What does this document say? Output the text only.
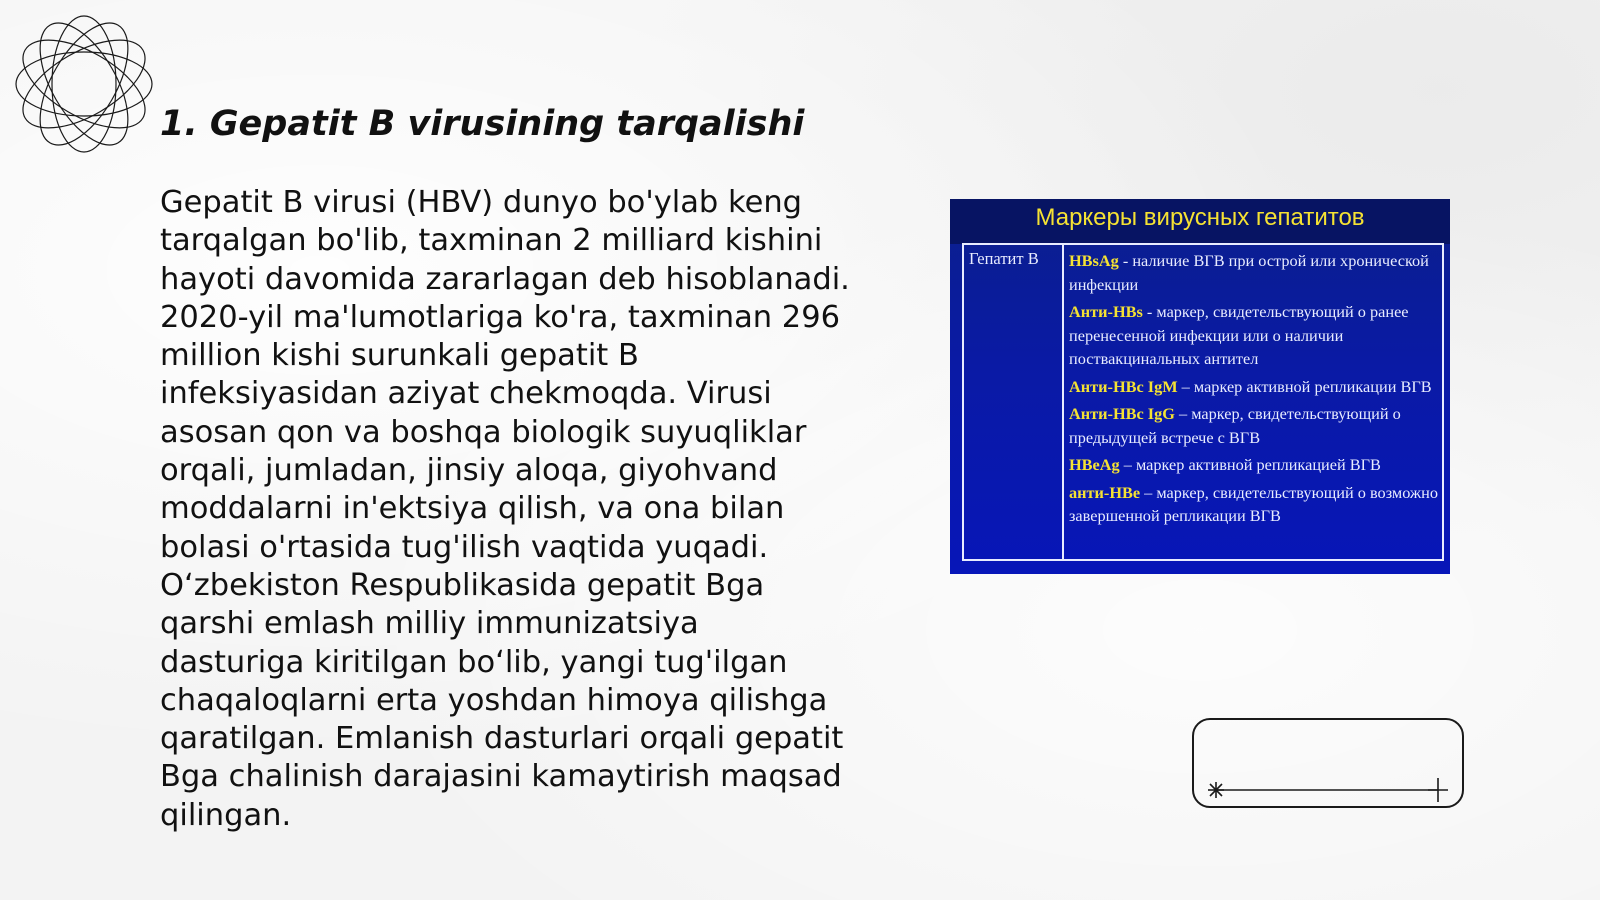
1. Gepatit B virusining tarqalishi

Gepatit B virusi (HBV) dunyo bo'ylab keng tarqalgan bo'lib, taxminan 2 milliard kishini hayoti davomida zararlagan deb hisoblanadi. 2020-yil ma'lumotlariga ko'ra, taxminan 296 million kishi surunkali gepatit B infeksiyasidan aziyat chekmoqda. Virusi asosan qon va boshqa biologik suyuqliklar orqali, jumladan, jinsiy aloqa, giyohvand moddalarni in'ektsiya qilish, va ona bilan bolasi o'rtasida tug'ilish vaqtida yuqadi. O‘zbekiston Respublikasida gepatit Bga qarshi emlash milliy immunizatsiya dasturiga kiritilgan bo‘lib, yangi tug'ilgan chaqaloqlarni erta yoshdan himoya qilishga qaratilgan. Emlanish dasturlari orqali gepatit Bga chalinish darajasini kamaytirish maqsad qilingan.

Маркеры вирусных гепатитов
Гепатит В HBsAg - наличие ВГВ при острой или хронической инфекции
Анти-HBs - маркер, свидетельствующий о ранее перенесенной инфекции или о наличии поствакцинальных антител
Анти-HBc IgM – маркер активной репликации ВГВ
Анти-HBc IgG – маркер, свидетельствующий о предыдущей встрече с ВГВ
HBeAg – маркер активной репликацией ВГВ
анти-HBe – маркер, свидетельствующий о возможно завершенной репликации ВГВ
